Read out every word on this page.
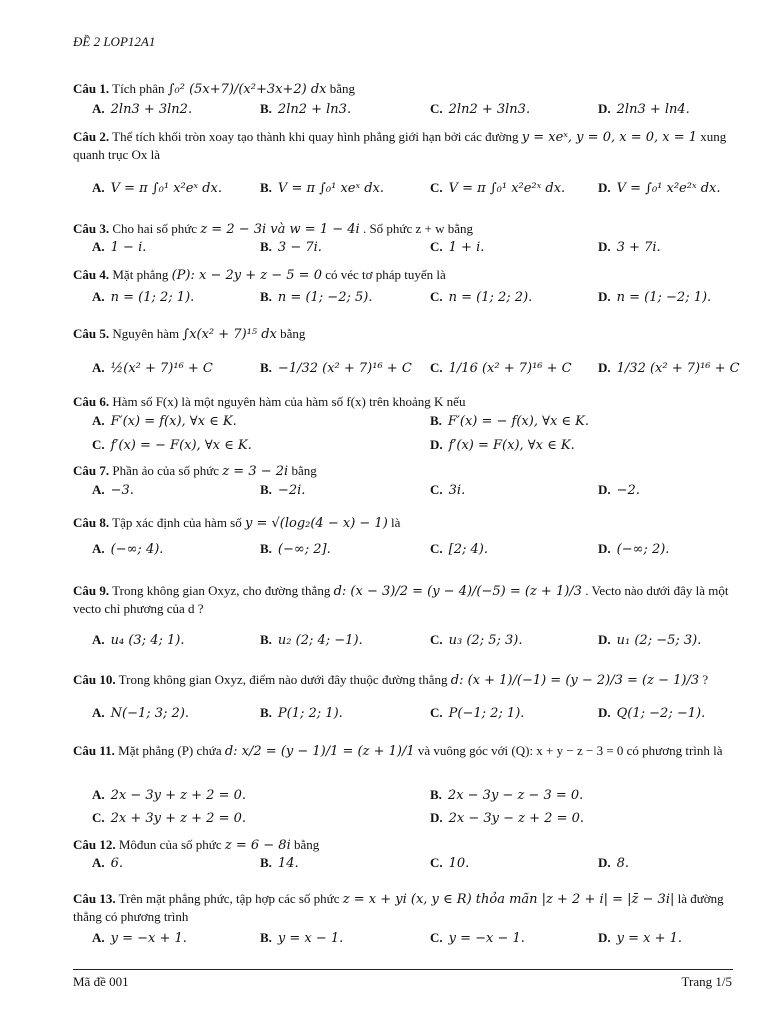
ĐỀ 2 LOP12A1
Câu 1. Tích phân ∫₀² (5x+7)/(x²+3x+2) dx bằng
A. 2ln3 + 3ln2.	B. 2ln2 + ln3.	C. 2ln2 + 3ln3.	D. 2ln3 + ln4.
Câu 2. Thể tích khối tròn xoay tạo thành khi quay hình phẳng giới hạn bởi các đường y = xeˣ, y = 0, x = 0, x = 1 xung quanh trục Ox là
A. V = π ∫₀¹ x²eˣ dx.	B. V = π ∫₀¹ xeˣ dx.	C. V = π ∫₀¹ x²e²ˣ dx.	D. V = ∫₀¹ x²e²ˣ dx.
Câu 3. Cho hai số phức z = 2 − 3i và w = 1 − 4i . Số phức z + w bằng
A. 1 − i.	B. 3 − 7i.	C. 1 + i.	D. 3 + 7i.
Câu 4. Mặt phẳng (P): x − 2y + z − 5 = 0 có véc tơ pháp tuyến là
A. n = (1; 2; 1).	B. n = (1; −2; 5).	C. n = (1; 2; 2).	D. n = (1; −2; 1).
Câu 5. Nguyên hàm ∫x(x² + 7)¹⁵ dx bằng
A. ½(x² + 7)¹⁶ + C	B. −1/32 (x² + 7)¹⁶ + C C. 1/16 (x² + 7)¹⁶ + C D. 1/32 (x² + 7)¹⁶ + C
Câu 6. Hàm số F(x) là một nguyên hàm của hàm số f(x) trên khoảng K nếu
A. F′(x) = f(x), ∀x ∈ K.	B. F′(x) = − f(x), ∀x ∈ K.
C. f′(x) = − F(x), ∀x ∈ K.	D. f′(x) = F(x), ∀x ∈ K.
Câu 7. Phần ảo của số phức z = 3 − 2i bằng
A. −3.	B. −2i.	C. 3i.	D. −2.
Câu 8. Tập xác định của hàm số y = √(log₂(4 − x) − 1) là
A. (−∞; 4).	B. (−∞; 2].	C. [2; 4).	D. (−∞; 2).
Câu 9. Trong không gian Oxyz, cho đường thẳng d: (x − 3)/2 = (y − 4)/(−5) = (z + 1)/3 . Vecto nào dưới đây là một vecto chỉ phương của d ?
A. u₄ (3; 4; 1).	B. u₂ (2; 4; −1).	C. u₃ (2; 5; 3).	D. u₁ (2; −5; 3).
Câu 10. Trong không gian Oxyz, điểm nào dưới đây thuộc đường thẳng d: (x + 1)/(−1) = (y − 2)/3 = (z − 1)/3 ?
A. N(−1; 3; 2).	B. P(1; 2; 1).	C. P(−1; 2; 1).	D. Q(1; −2; −1).
Câu 11. Mặt phẳng (P) chứa d: x/2 = (y − 1)/1 = (z + 1)/1 và vuông góc với (Q): x + y − z − 3 = 0 có phương trình là
A. 2x − 3y + z + 2 = 0.	B. 2x − 3y − z − 3 = 0.
C. 2x + 3y + z + 2 = 0.	D. 2x − 3y − z + 2 = 0.
Câu 12. Môđun của số phức z = 6 − 8i bằng
A. 6.	B. 14.	C. 10.	D. 8.
Câu 13. Trên mặt phẳng phức, tập hợp các số phức z = x + yi (x, y ∈ R) thỏa mãn |z + 2 + i| = |z̄ − 3i| là đường thẳng có phương trình
A. y = −x + 1.	B. y = x − 1.	C. y = −x − 1.	D. y = x + 1.
Mã đề 001	Trang 1/5
